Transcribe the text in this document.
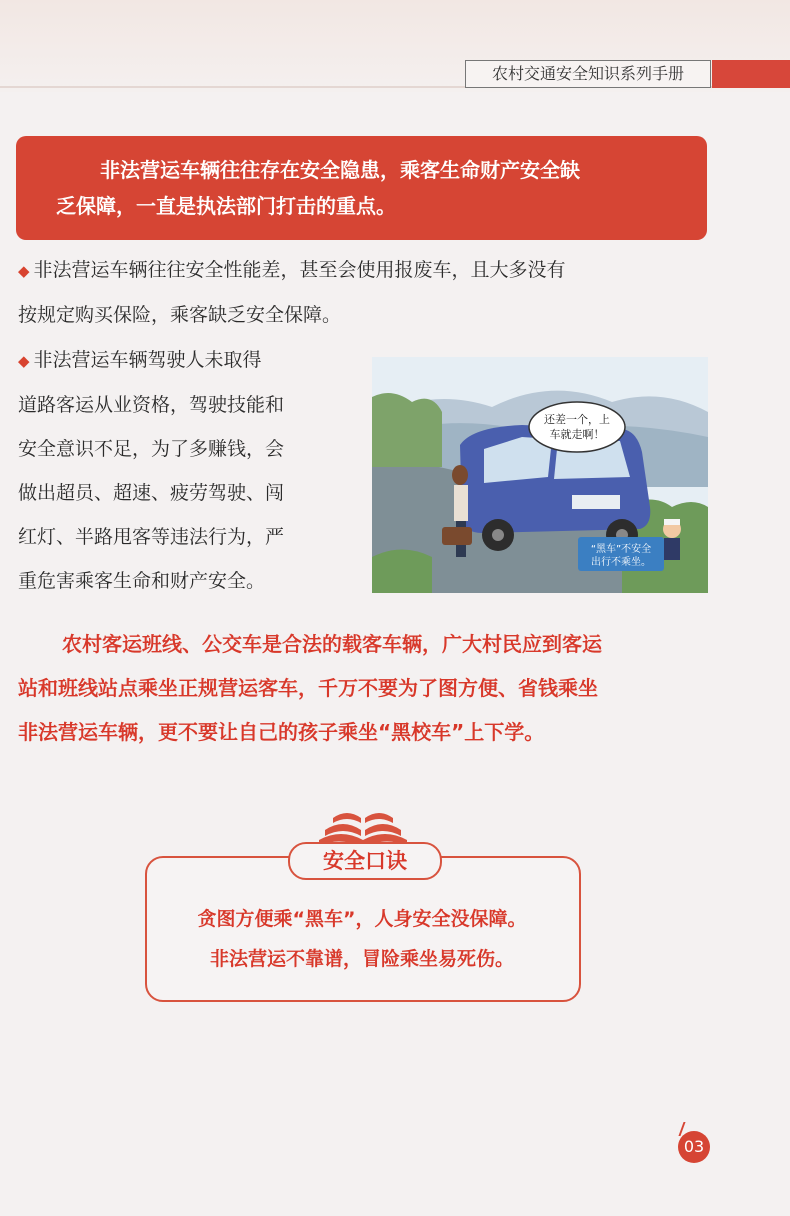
农村交通安全知识系列手册
非法营运车辆往往存在安全隐患，乘客生命财产安全缺
乏保障，一直是执法部门打击的重点。
◆ 非法营运车辆往往安全性能差，甚至会使用报废车，且大多没有
按规定购买保险，乘客缺乏安全保障。
◆ 非法营运车辆驾驶人未取得
道路客运从业资格，驾驶技能和
安全意识不足，为了多赚钱，会
做出超员、超速、疲劳驾驶、闯
红灯、半路甩客等违法行为，严
重危害乘客生命和财产安全。
还差一个，上
车就走啊！
“黑车”不安全
出行不乘坐。
农村客运班线、公交车是合法的载客车辆，广大村民应到客运
站和班线站点乘坐正规营运客车，千万不要为了图方便、省钱乘坐
非法营运车辆，更不要让自己的孩子乘坐“黑校车”上下学。
安全口诀
贪图方便乘“黑车”，人身安全没保障。
非法营运不靠谱，冒险乘坐易死伤。
03
